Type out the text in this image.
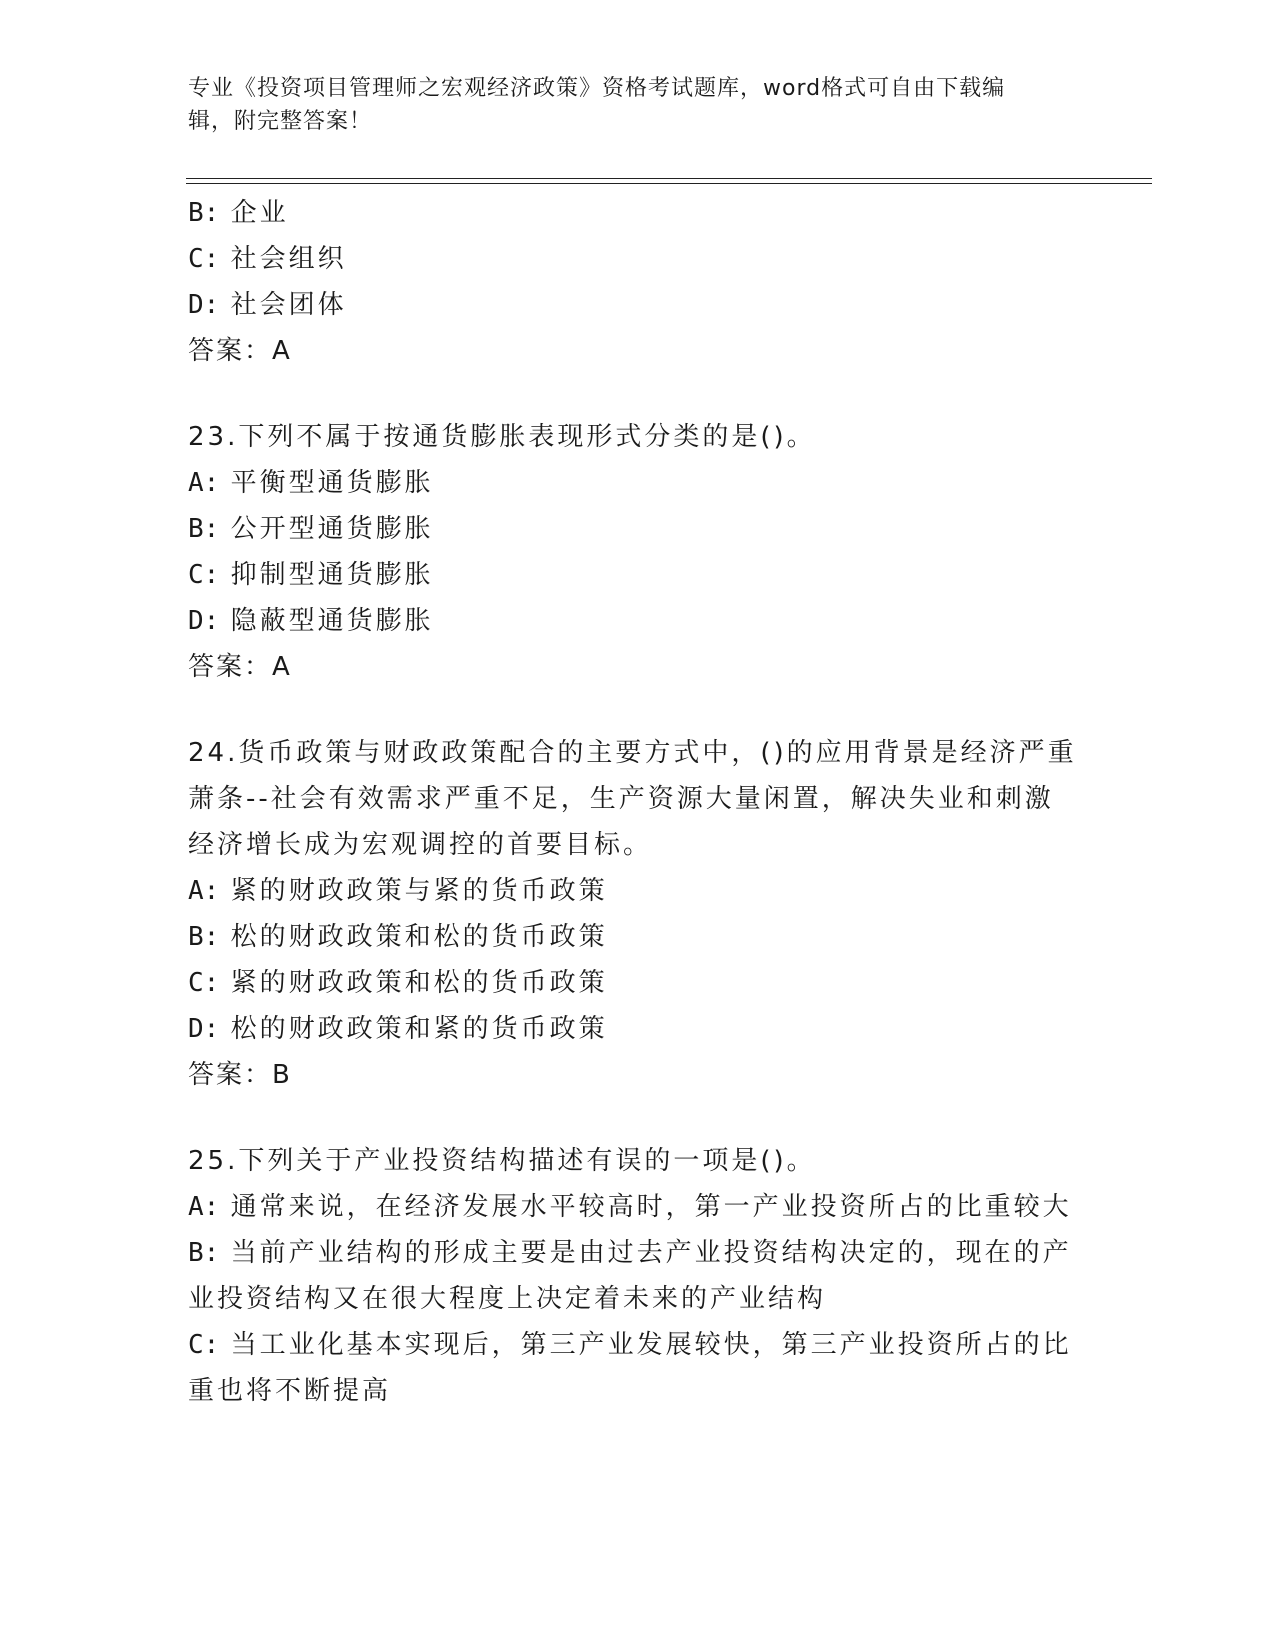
专业《投资项目管理师之宏观经济政策》资格考试题库，word格式可自由下载编
辑，附完整答案！
B: 企业
C: 社会组织
D: 社会团体
答案：A
23.下列不属于按通货膨胀表现形式分类的是()。
A: 平衡型通货膨胀
B: 公开型通货膨胀
C: 抑制型通货膨胀
D: 隐蔽型通货膨胀
答案：A
24.货币政策与财政政策配合的主要方式中，()的应用背景是经济严重
萧条--社会有效需求严重不足，生产资源大量闲置，解决失业和刺激
经济增长成为宏观调控的首要目标。
A: 紧的财政政策与紧的货币政策
B: 松的财政政策和松的货币政策
C: 紧的财政政策和松的货币政策
D: 松的财政政策和紧的货币政策
答案：B
25.下列关于产业投资结构描述有误的一项是()。
A: 通常来说，在经济发展水平较高时，第一产业投资所占的比重较大
B: 当前产业结构的形成主要是由过去产业投资结构决定的，现在的产
业投资结构又在很大程度上决定着未来的产业结构
C: 当工业化基本实现后，第三产业发展较快，第三产业投资所占的比
重也将不断提高
